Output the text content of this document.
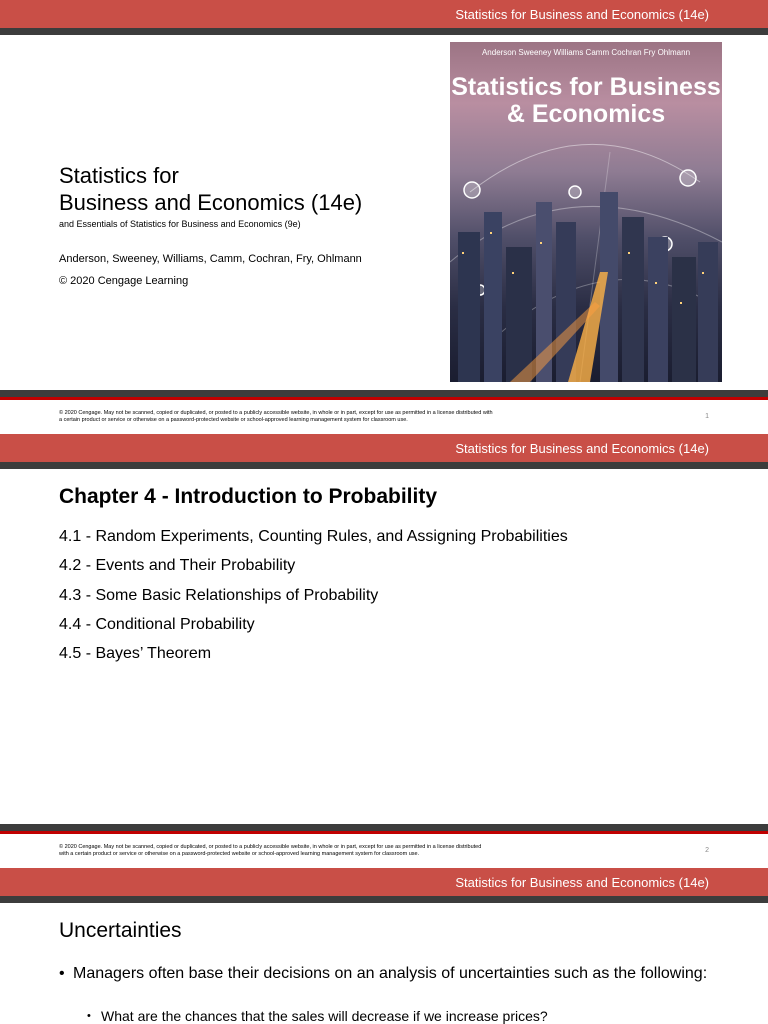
Statistics for Business and Economics (14e)
Statistics for
Business and Economics (14e)
and Essentials of Statistics for Business and Economics (9e)
Anderson, Sweeney, Williams, Camm, Cochran, Fry, Ohlmann
© 2020 Cengage Learning
Anderson Sweeney Williams Camm Cochran Fry Ohlmann
Statistics for Business
& Economics
© 2020 Cengage. May not be scanned, copied or duplicated, or posted to a publicly accessible website, in whole or in part, except for use as permitted in a license distributed with
a certain product or service or otherwise on a password-protected website or school-approved learning management system for classroom use.	1
Statistics for Business and Economics (14e)
Chapter 4 - Introduction to Probability
4.1 - Random Experiments, Counting Rules, and Assigning Probabilities
4.2 - Events and Their Probability
4.3 - Some Basic Relationships of Probability
4.4 - Conditional Probability
4.5 - Bayes’ Theorem
© 2020 Cengage. May not be scanned, copied or duplicated, or posted to a publicly accessible website, in whole or in part, except for use as permitted in a license distributed
with a certain product or service or otherwise on a password-protected website or school-approved learning management system for classroom use.	2
Statistics for Business and Economics (14e)
Uncertainties
• Managers often base their decisions on an analysis of uncertainties such as the following:
• What are the chances that the sales will decrease if we increase prices?
